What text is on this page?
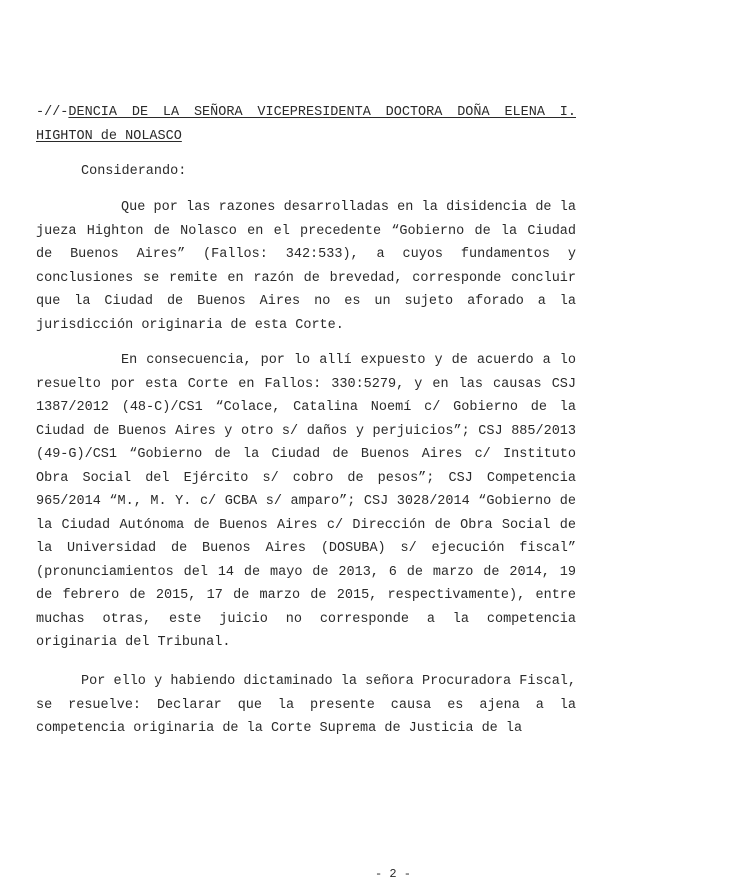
-//-DENCIA DE LA SEÑORA VICEPRESIDENTA DOCTORA DOÑA ELENA I.
HIGHTON de NOLASCO
Considerando:

Que por las razones desarrolladas en la disidencia de la jueza Highton de Nolasco en el precedente “Gobierno de la Ciudad de Buenos Aires” (Fallos: 342:533), a cuyos fundamentos y conclusiones se remite en razón de brevedad, corresponde concluir que la Ciudad de Buenos Aires no es un sujeto aforado a la jurisdicción originaria de esta Corte.

En consecuencia, por lo allí expuesto y de acuerdo a lo resuelto por esta Corte en Fallos: 330:5279, y en las causas CSJ 1387/2012 (48-C)/CS1 “Colace, Catalina Noemí c/ Gobierno de la Ciudad de Buenos Aires y otro s/ daños y perjuicios”; CSJ 885/2013 (49-G)/CS1 “Gobierno de la Ciudad de Buenos Aires c/ Instituto Obra Social del Ejército s/ cobro de pesos”; CSJ Competencia 965/2014 “M., M. Y. c/ GCBA s/ amparo”; CSJ 3028/2014 “Gobierno de la Ciudad Autónoma de Buenos Aires c/ Dirección de Obra Social de la Universidad de Buenos Aires (DOSUBA) s/ ejecución fiscal” (pronunciamientos del 14 de mayo de 2013, 6 de marzo de 2014, 19 de febrero de 2015, 17 de marzo de 2015, respectivamente), entre muchas otras, este juicio no corresponde a la competencia originaria del Tribunal.

Por ello y habiendo dictaminado la señora Procuradora Fiscal, se resuelve: Declarar que la presente causa es ajena a la competencia originaria de la Corte Suprema de Justicia de la

- 2 -
